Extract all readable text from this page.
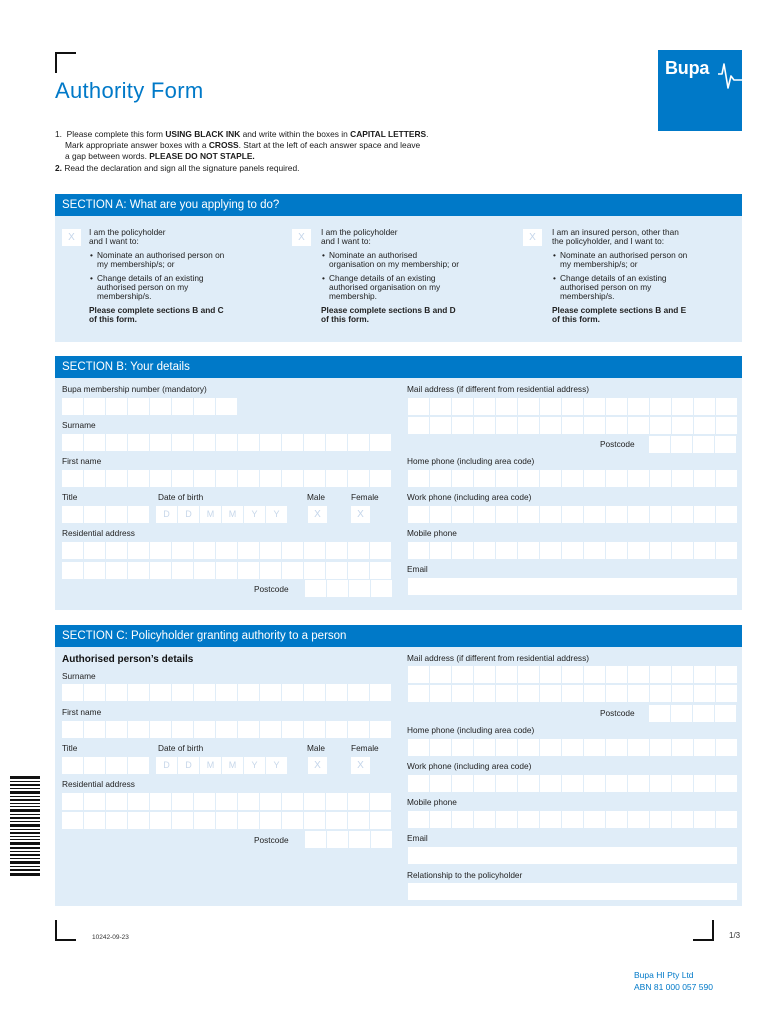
Authority Form
Bupa
1. Please complete this form USING BLACK INK and write within the boxes in CAPITAL LETTERS.
Mark appropriate answer boxes with a CROSS. Start at the left of each answer space and leave
a gap between words. PLEASE DO NOT STAPLE.
2. Read the declaration and sign all the signature panels required.
SECTION A: What are you applying to do?
X	I am the policyholder
and I want to:
• Nominate an authorised person on
my membership/s; or
• Change details of an existing
authorised person on my
membership/s.
Please complete sections B and C
of this form.
X	I am the policyholder
and I want to:
• Nominate an authorised
organisation on my membership; or
• Change details of an existing
authorised organisation on my
membership.
Please complete sections B and D
of this form.
X	I am an insured person, other than
the policyholder, and I want to:
• Nominate an authorised person on
my membership/s; or
• Change details of an existing
authorised person on my
membership/s.
Please complete sections B and E
of this form.
SECTION B: Your details
Bupa membership number (mandatory)
Surname
First name
Title	Date of birth	Male	Female
D	D	M	M	Y	Y	X	X
Residential address
Postcode
Mail address (if different from residential address)
Postcode
Home phone (including area code)
Work phone (including area code)
Mobile phone
Email
SECTION C: Policyholder granting authority to a person
Authorised person’s details
Surname
First name
Title	Date of birth	Male	Female
D	D	M	M	Y	Y	X	X
Residential address
Postcode
Mail address (if different from residential address)
Postcode
Home phone (including area code)
Work phone (including area code)
Mobile phone
Email
Relationship to the policyholder
10242-09-23	1/3
Bupa HI Pty Ltd
ABN 81 000 057 590
